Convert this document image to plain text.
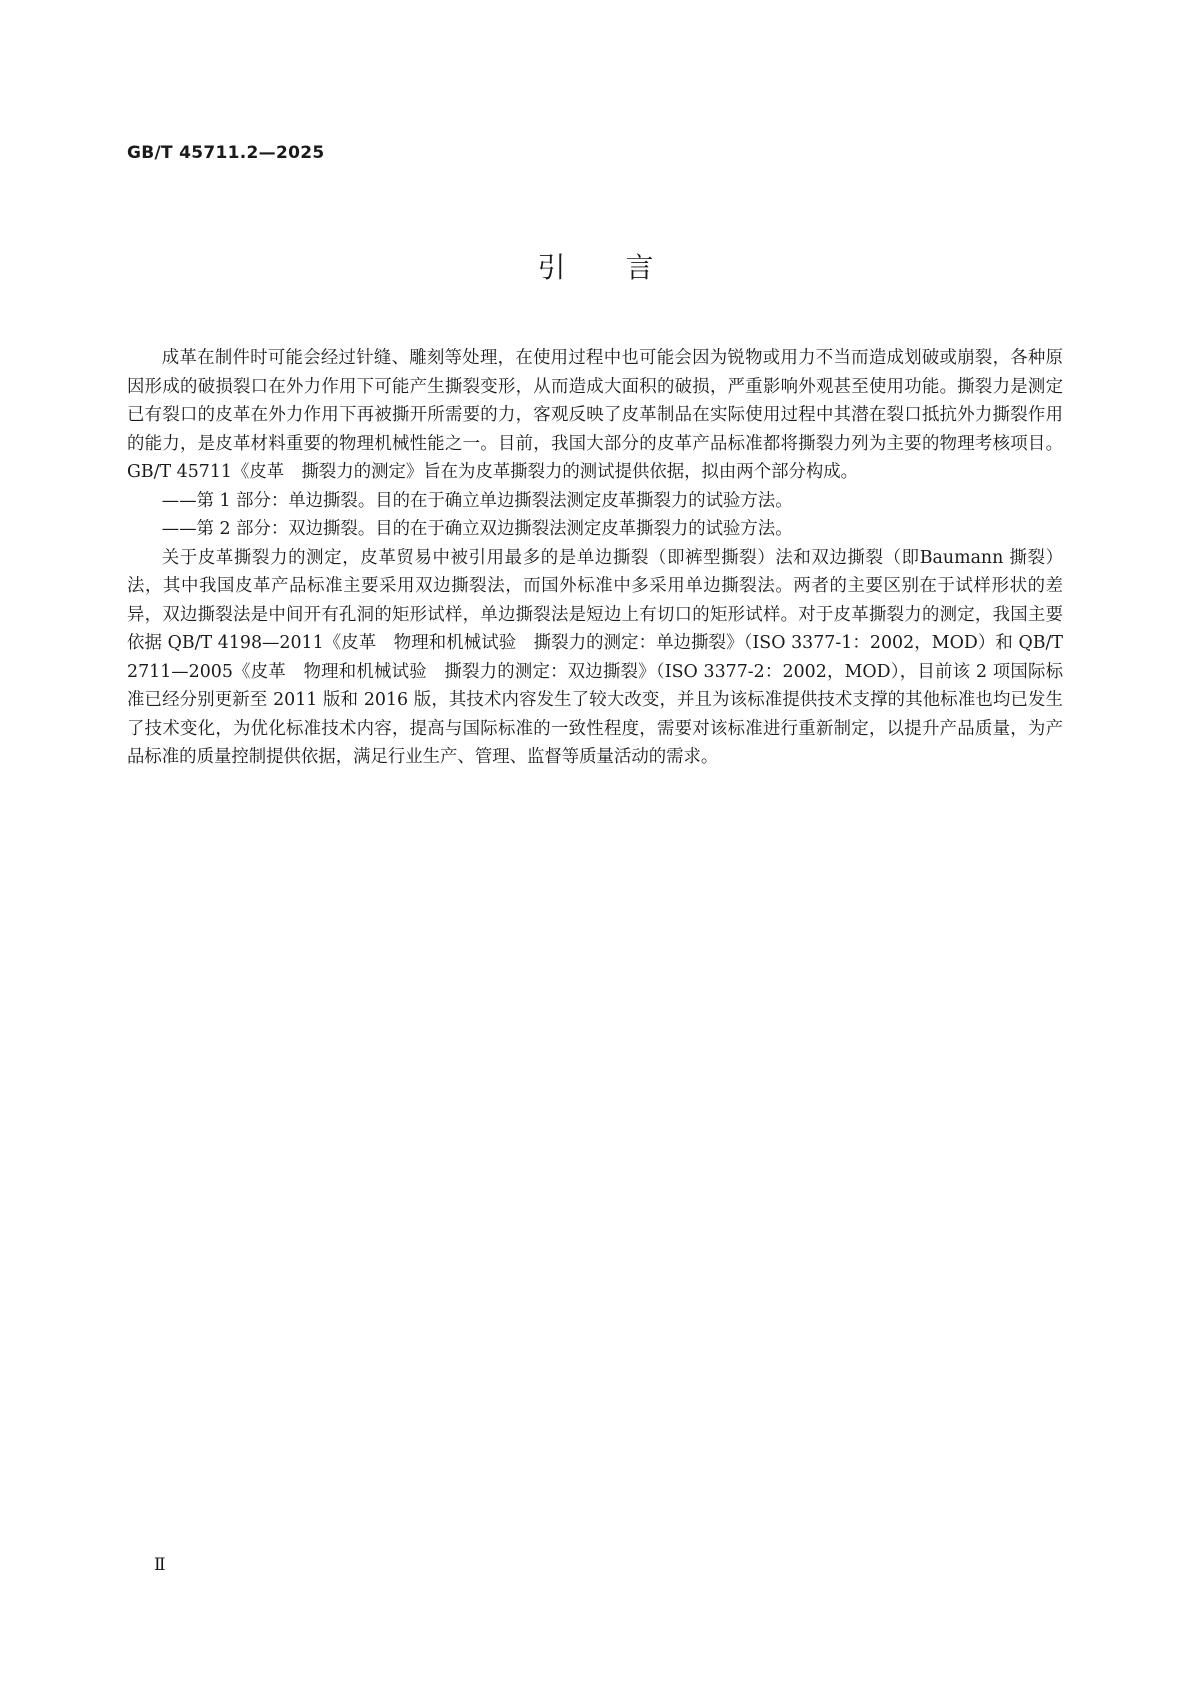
GB/T 45711.2—2025
引言

成革在制件时可能会经过针缝、雕刻等处理，在使用过程中也可能会因为锐物或用力不当而造成划破或崩裂，各种原因形成的破损裂口在外力作用下可能产生撕裂变形，从而造成大面积的破损，严重影响外观甚至使用功能。撕裂力是测定已有裂口的皮革在外力作用下再被撕开所需要的力，客观反映了皮革制品在实际使用过程中其潜在裂口抵抗外力撕裂作用的能力，是皮革材料重要的物理机械性能之一。目前，我国大部分的皮革产品标准都将撕裂力列为主要的物理考核项目。GB/T 45711《皮革　撕裂力的测定》旨在为皮革撕裂力的测试提供依据，拟由两个部分构成。

——第 1 部分：单边撕裂。目的在于确立单边撕裂法测定皮革撕裂力的试验方法。

——第 2 部分：双边撕裂。目的在于确立双边撕裂法测定皮革撕裂力的试验方法。

关于皮革撕裂力的测定，皮革贸易中被引用最多的是单边撕裂（即裤型撕裂）法和双边撕裂（即Baumann 撕裂）法，其中我国皮革产品标准主要采用双边撕裂法，而国外标准中多采用单边撕裂法。两者的主要区别在于试样形状的差异，双边撕裂法是中间开有孔洞的矩形试样，单边撕裂法是短边上有切口的矩形试样。对于皮革撕裂力的测定，我国主要依据 QB/T 4198—2011《皮革　物理和机械试验　撕裂力的测定：单边撕裂》（ISO 3377-1：2002，MOD）和 QB/T 2711—2005《皮革　物理和机械试验　撕裂力的测定：双边撕裂》（ISO 3377-2：2002，MOD），目前该 2 项国际标准已经分别更新至 2011 版和 2016 版，其技术内容发生了较大改变，并且为该标准提供技术支撑的其他标准也均已发生了技术变化，为优化标准技术内容，提高与国际标准的一致性程度，需要对该标准进行重新制定，以提升产品质量，为产品标准的质量控制提供依据，满足行业生产、管理、监督等质量活动的需求。

Ⅱ
